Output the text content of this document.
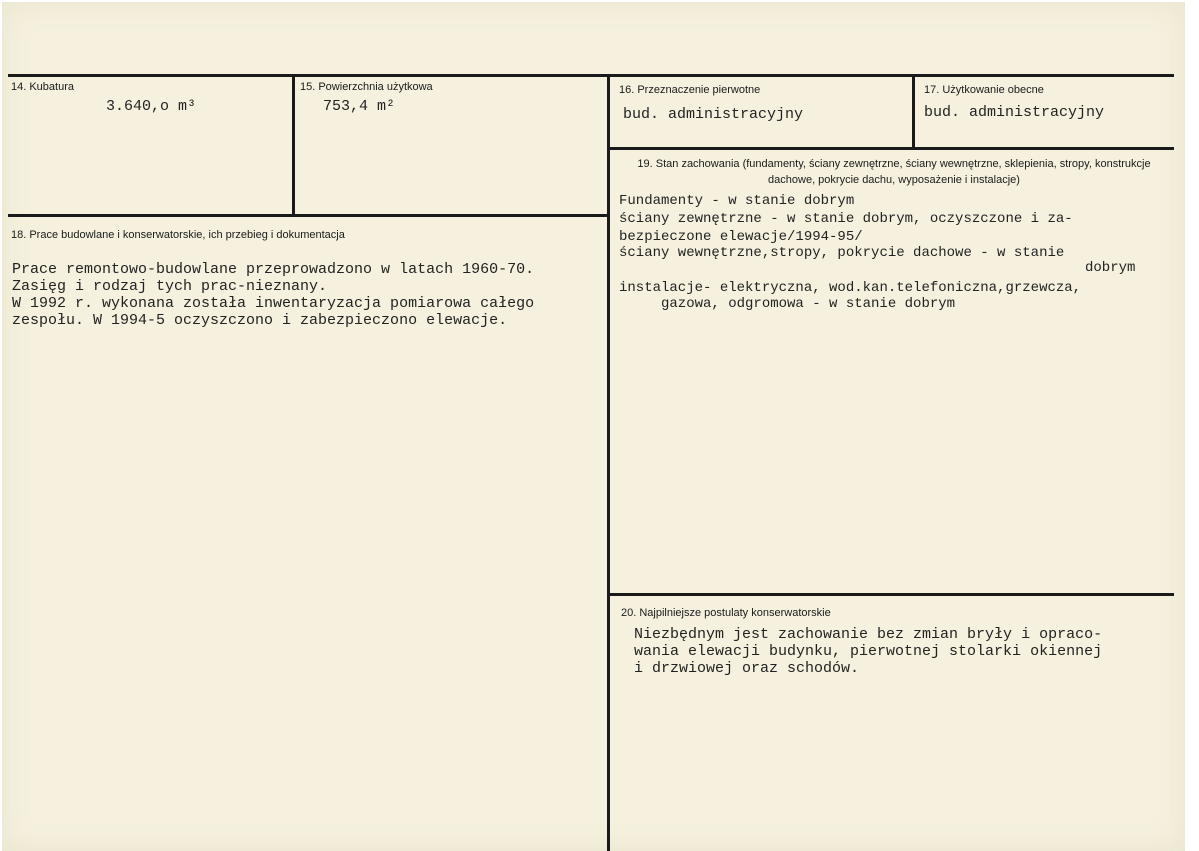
14. Kubatura
3.640,o m³
15. Powierzchnia użytkowa
753,4 m²
16. Przeznaczenie pierwotne
bud. administracyjny
17. Użytkowanie obecne
bud. administracyjny
19. Stan zachowania (fundamenty, ściany zewnętrzne, ściany wewnętrzne, sklepienia, stropy, konstrukcje dachowe, pokrycie dachu, wyposażenie i instalacje)
Fundamenty - w stanie dobrym
ściany zewnętrzne - w stanie dobrym, oczyszczone i za-
bezpieczone elewacje/1994-95/
ściany wewnętrzne,stropy, pokrycie dachowe - w stanie
dobrym
instalacje- elektryczna, wod.kan.telefoniczna,grzewcza,
gazowa, odgromowa - w stanie dobrym
18. Prace budowlane i konserwatorskie, ich przebieg i dokumentacja
Prace remontowo-budowlane przeprowadzono w latach 1960-70.
Zasięg i rodzaj tych prac-nieznany.
W 1992 r. wykonana została inwentaryzacja pomiarowa całego
zespołu. W 1994-5 oczyszczono i zabezpieczono elewacje.
20. Najpilniejsze postulaty konserwatorskie
Niezbędnym jest zachowanie bez zmian bryły i opraco-
wania elewacji budynku, pierwotnej stolarki okiennej
i drzwiowej oraz schodów.
